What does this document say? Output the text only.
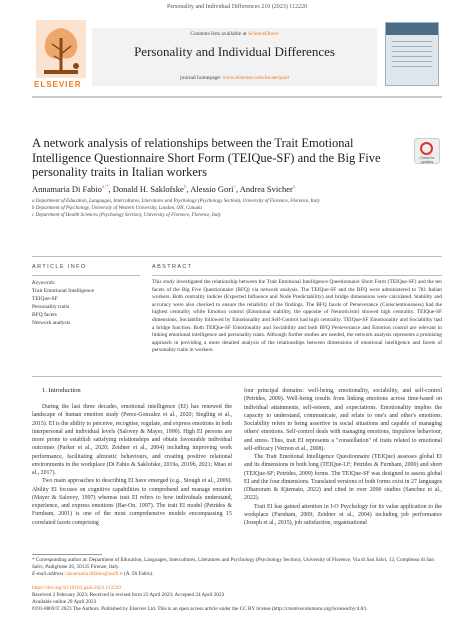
Personality and Individual Differences 210 (2023) 112220
ELSEVIER
Contents lists available at ScienceDirect
Personality and Individual Differences
journal homepage: www.elsevier.com/locate/paid
A network analysis of relationships between the Trait Emotional Intelligence Questionnaire Short Form (TEIQue-SF) and the Big Five personality traits in Italian workers
Check for updates
Annamaria Di Fabio$^{a,*}$, Donald H. Saklofske$^b$, Alessio Gori$^c$, Andrea Svicher$^a$
a Department of Education, Languages, Intercultures, Literatures and Psychology (Psychology Section), University of Florence, Florence, Italy
b Department of Psychology, University of Western University, London, ON, Canada
c Department of Health Sciences (Psychology Section), University of Florence, Florence, Italy
ARTICLE INFO	ABSTRACT
Keywords:
Trait Emotional Intelligence
TEIQue-SF
Personality traits
BFQ facets
Network analysis
This study investigated the relationship between the Trait Emotional Intelligence Questionnaire Short Form (TEIQue-SF) and the ten facets of the Big Five Questionnaire (BFQ) via network analysis. The TEIQue-SF and the BFQ were administered to 781 Italian workers. Both centrality indices (Expected Influence and Node Predictability) and bridge dimensions were calculated. Stability and accuracy were also checked to ensure the reliability of the findings. The BFQ facets of Perseverance (Conscientiousness) had the highest centrality while Emotion control (Emotional stability, the opposite of Neuroticism) showed high centrality. TEIQue-SF dimensions, Sociability followed by Emotionality and Self-Control had high centrality. TEIQue-SF Emotionality and Sociability had a bridge function. Both TEIQue-SF Emotionality and Sociability and both BFQ Perseverance and Emotion control are relevant in linking emotional intelligence and personality traits. Although further studies are needed, the network analysis represents a promising approach in providing a more detailed analysis of the relationships between dimensions of emotional intelligence and facets of personality traits in workers.
1. Introduction

During the last three decades, emotional intelligence (EI) has renewed the landscape of human emotion study (Perez-Gonzalez et al., 2020; Siegling et al., 2015). EI is the ability to perceive, recognise, regulate, and express emotions in both interpersonal and individual levels (Salovey & Mayer, 1990). High EI persons are more prone to establish satisfying relationships and obtain favourable individual outcomes (Parker et al., 2020; Zeidner et al., 2004) including improving work performance, facilitating altruistic behaviours, and creating positive relational environments in the workplace (Di Fabio & Saklofske, 2019a, 2019b, 2021; Miao et al., 2017).

Two main approaches to describing EI have emerged (e.g., Stough et al., 2009). Ability EI focuses on cognitive capabilities to comprehend and manage emotion (Mayer & Salovey, 1997) whereas trait EI refers to how individuals understand, experience, and express emotions (Bar-On, 1997). The trait EI model (Petrides & Furnham, 2001) is one of the most comprehensive models encompassing 15 correlated facets comprising

four principal domains: well-being, emotionality, sociability, and self-control (Petrides, 2009). Well-being results from linking emotions across time-based on individual attainments, self-esteem, and expectations. Emotionality implies the capacity to understand, communicate, and relate to one's and other's emotions. Sociability refers to being assertive in social situations and capable of managing others' emotions. Self-control deals with managing emotions, impulsive behaviour, and stress. Thus, trait EI represents a "constellation" of traits related to emotional self-efficacy (Vernon et al., 2008).

The Trait Emotional Intelligence Questionnaire (TEIQue) assesses global EI and its dimensions in both long (TEIQue-LF; Petrides & Furnham, 2000) and short (TEIQue-SF; Petrides, 2009) forms. The TEIQue-SF was designed to assess global EI and the four dimensions. Translated versions of both forms exist in 27 languages (Dhanoram & Kjtematu, 2022) and cited in over 2000 studies (Sanchez et al., 2022).

Trait EI has gained attention in I-O Psychology for its value application to the workplace (Furnham, 2009; Zeidner et al., 2004) including job performance (Joseph et al., 2015), job satisfaction, organizational

* Corresponding author at: Department of Education, Languages, Intercultures, Literatures and Psychology (Psychology Section), University of Florence, Via di San Salvi, 12, Complesso di San Salvi, Padiglione 26, 50135 Firenze, Italy.
E-mail address: annamaria.difabio@unifi.it (A. Di Fabio).
https://doi.org/10.1016/j.paid.2023.112220
Received 2 February 2023; Received in revised form 23 April 2023; Accepted 24 April 2023
Available online 29 April 2023
0191-8869/© 2023 The Authors. Published by Elsevier Ltd. This is an open access article under the CC BY license (http://creativecommons.org/licenses/by/4.0/).
